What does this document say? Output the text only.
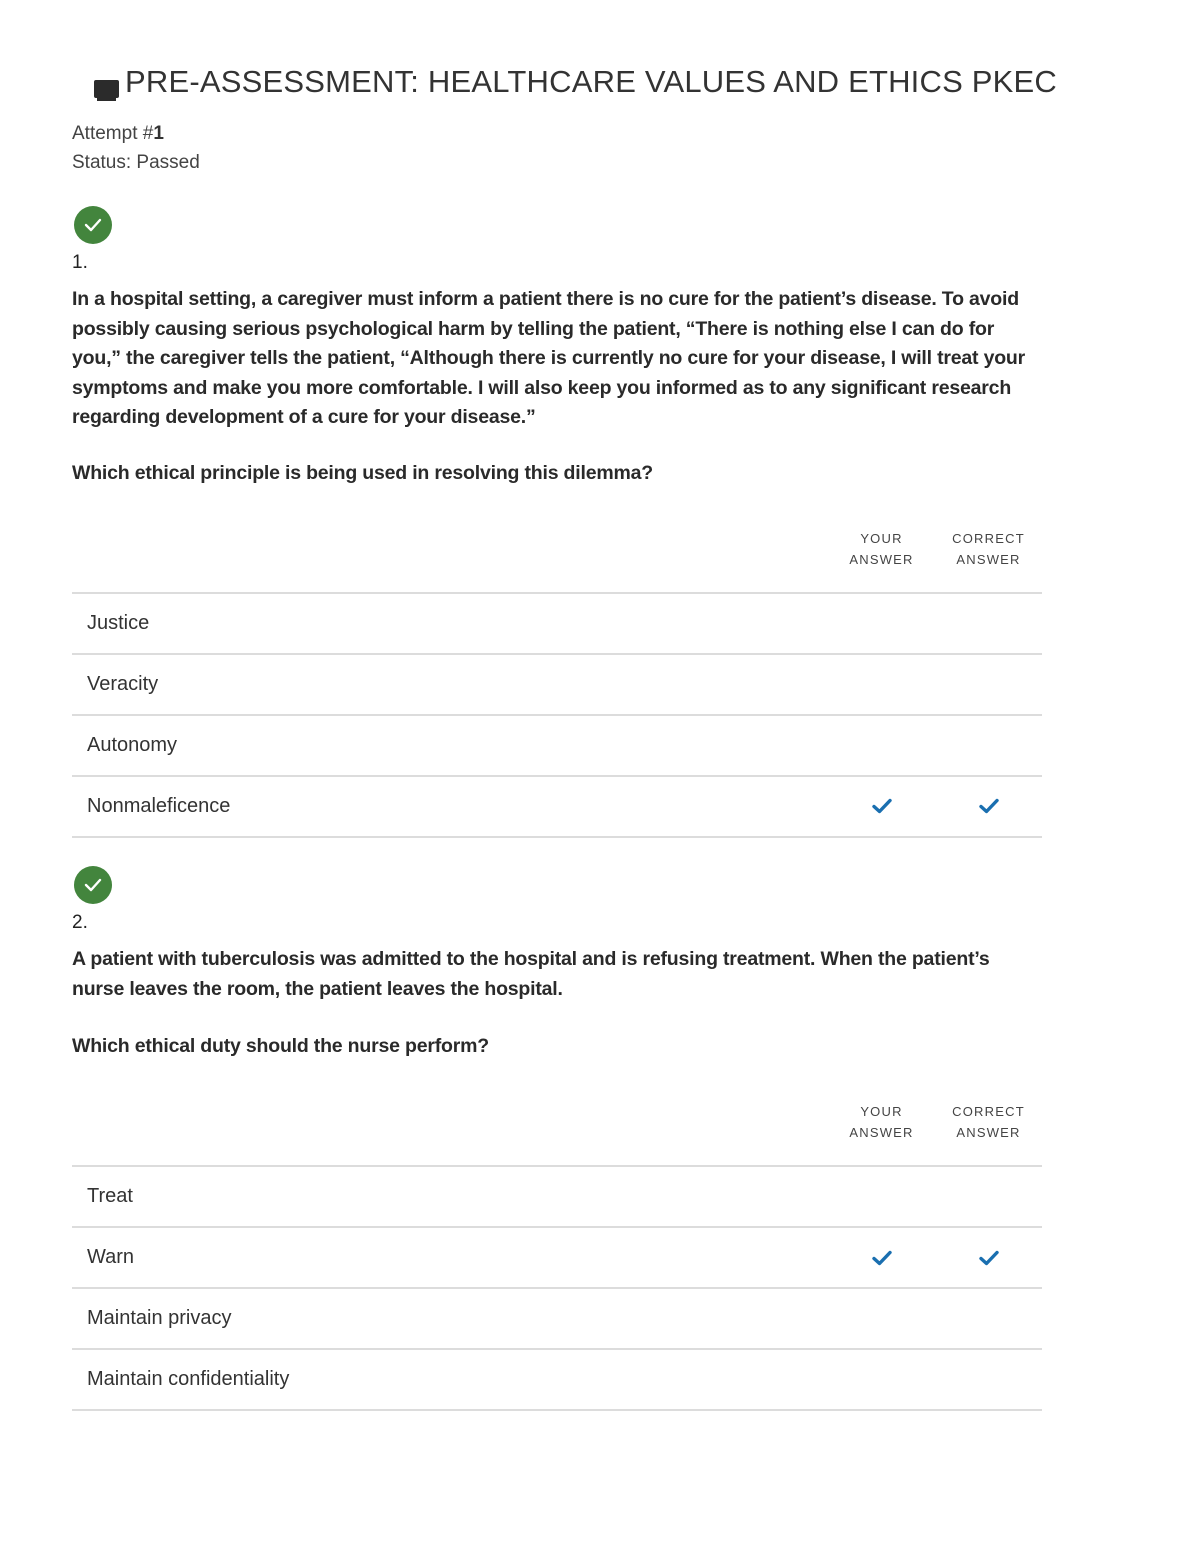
PRE-ASSESSMENT: HEALTHCARE VALUES AND ETHICS PKEC
Attempt #1
Status: Passed
1.
In a hospital setting, a caregiver must inform a patient there is no cure for the patient’s disease. To avoid possibly causing serious psychological harm by telling the patient, “There is nothing else I can do for you,” the caregiver tells the patient, “Although there is currently no cure for your disease, I will treat your symptoms and make you more comfortable. I will also keep you informed as to any significant research regarding development of a cure for your disease.”
Which ethical principle is being used in resolving this dilemma?
YOUR
ANSWER
CORRECT
ANSWER
Justice
Veracity
Autonomy
Nonmaleficence
2.
A patient with tuberculosis was admitted to the hospital and is refusing treatment. When the patient’s nurse leaves the room, the patient leaves the hospital.
Which ethical duty should the nurse perform?
YOUR
ANSWER
CORRECT
ANSWER
Treat
Warn
Maintain privacy
Maintain confidentiality
